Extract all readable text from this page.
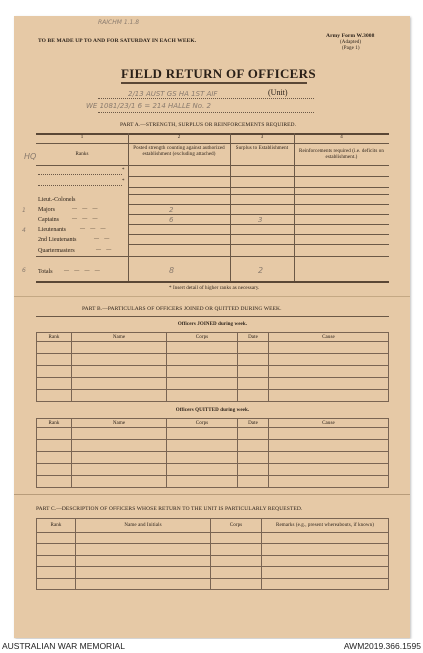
TO BE MADE UP TO AND FOR SATURDAY IN EACH WEEK.
Army Form W.3008
(Adapted)
(Page 1)
RAICHM 1.1.8
FIELD RETURN OF OFFICERS
2/13 AUST GS HA 1ST AIF	(Unit)
WE 1081/23/1 6 = 214 HALLE No. 2
PART A.—STRENGTH, SURPLUS OR REINFORCEMENTS REQUIRED.
1	2	3	4
Ranks
Posted strength counting against authorized establishment (excluding attached)
Surplus to Establishment
Reinforcements required (i.e. deficits on establishment.)
HQ
*
*
Lieut.-Colonels
Majors	— — —	2
Captains	— — —	6	3
Lieutenants	— — —
2nd Lieutenants	— —
Quartermasters	— —
1
4
6 Totals — — — —	8	2
* Insert detail of higher ranks as necessary.
PART B.—PARTICULARS OF OFFICERS JOINED OR QUITTED DURING WEEK.
Officers JOINED during week.
Rank	Name	Corps	Date	Cause

Officers QUITTED during week.
Rank	Name	Corps	Date	Cause

PART C.—DESCRIPTION OF OFFICERS WHOSE RETURN TO THE UNIT IS PARTICULARLY REQUESTED.
Rank	Name and Initials	Corps	Remarks (e.g., present whereabouts, if known)

AUSTRALIAN WAR MEMORIAL	AWM2019.366.1595
